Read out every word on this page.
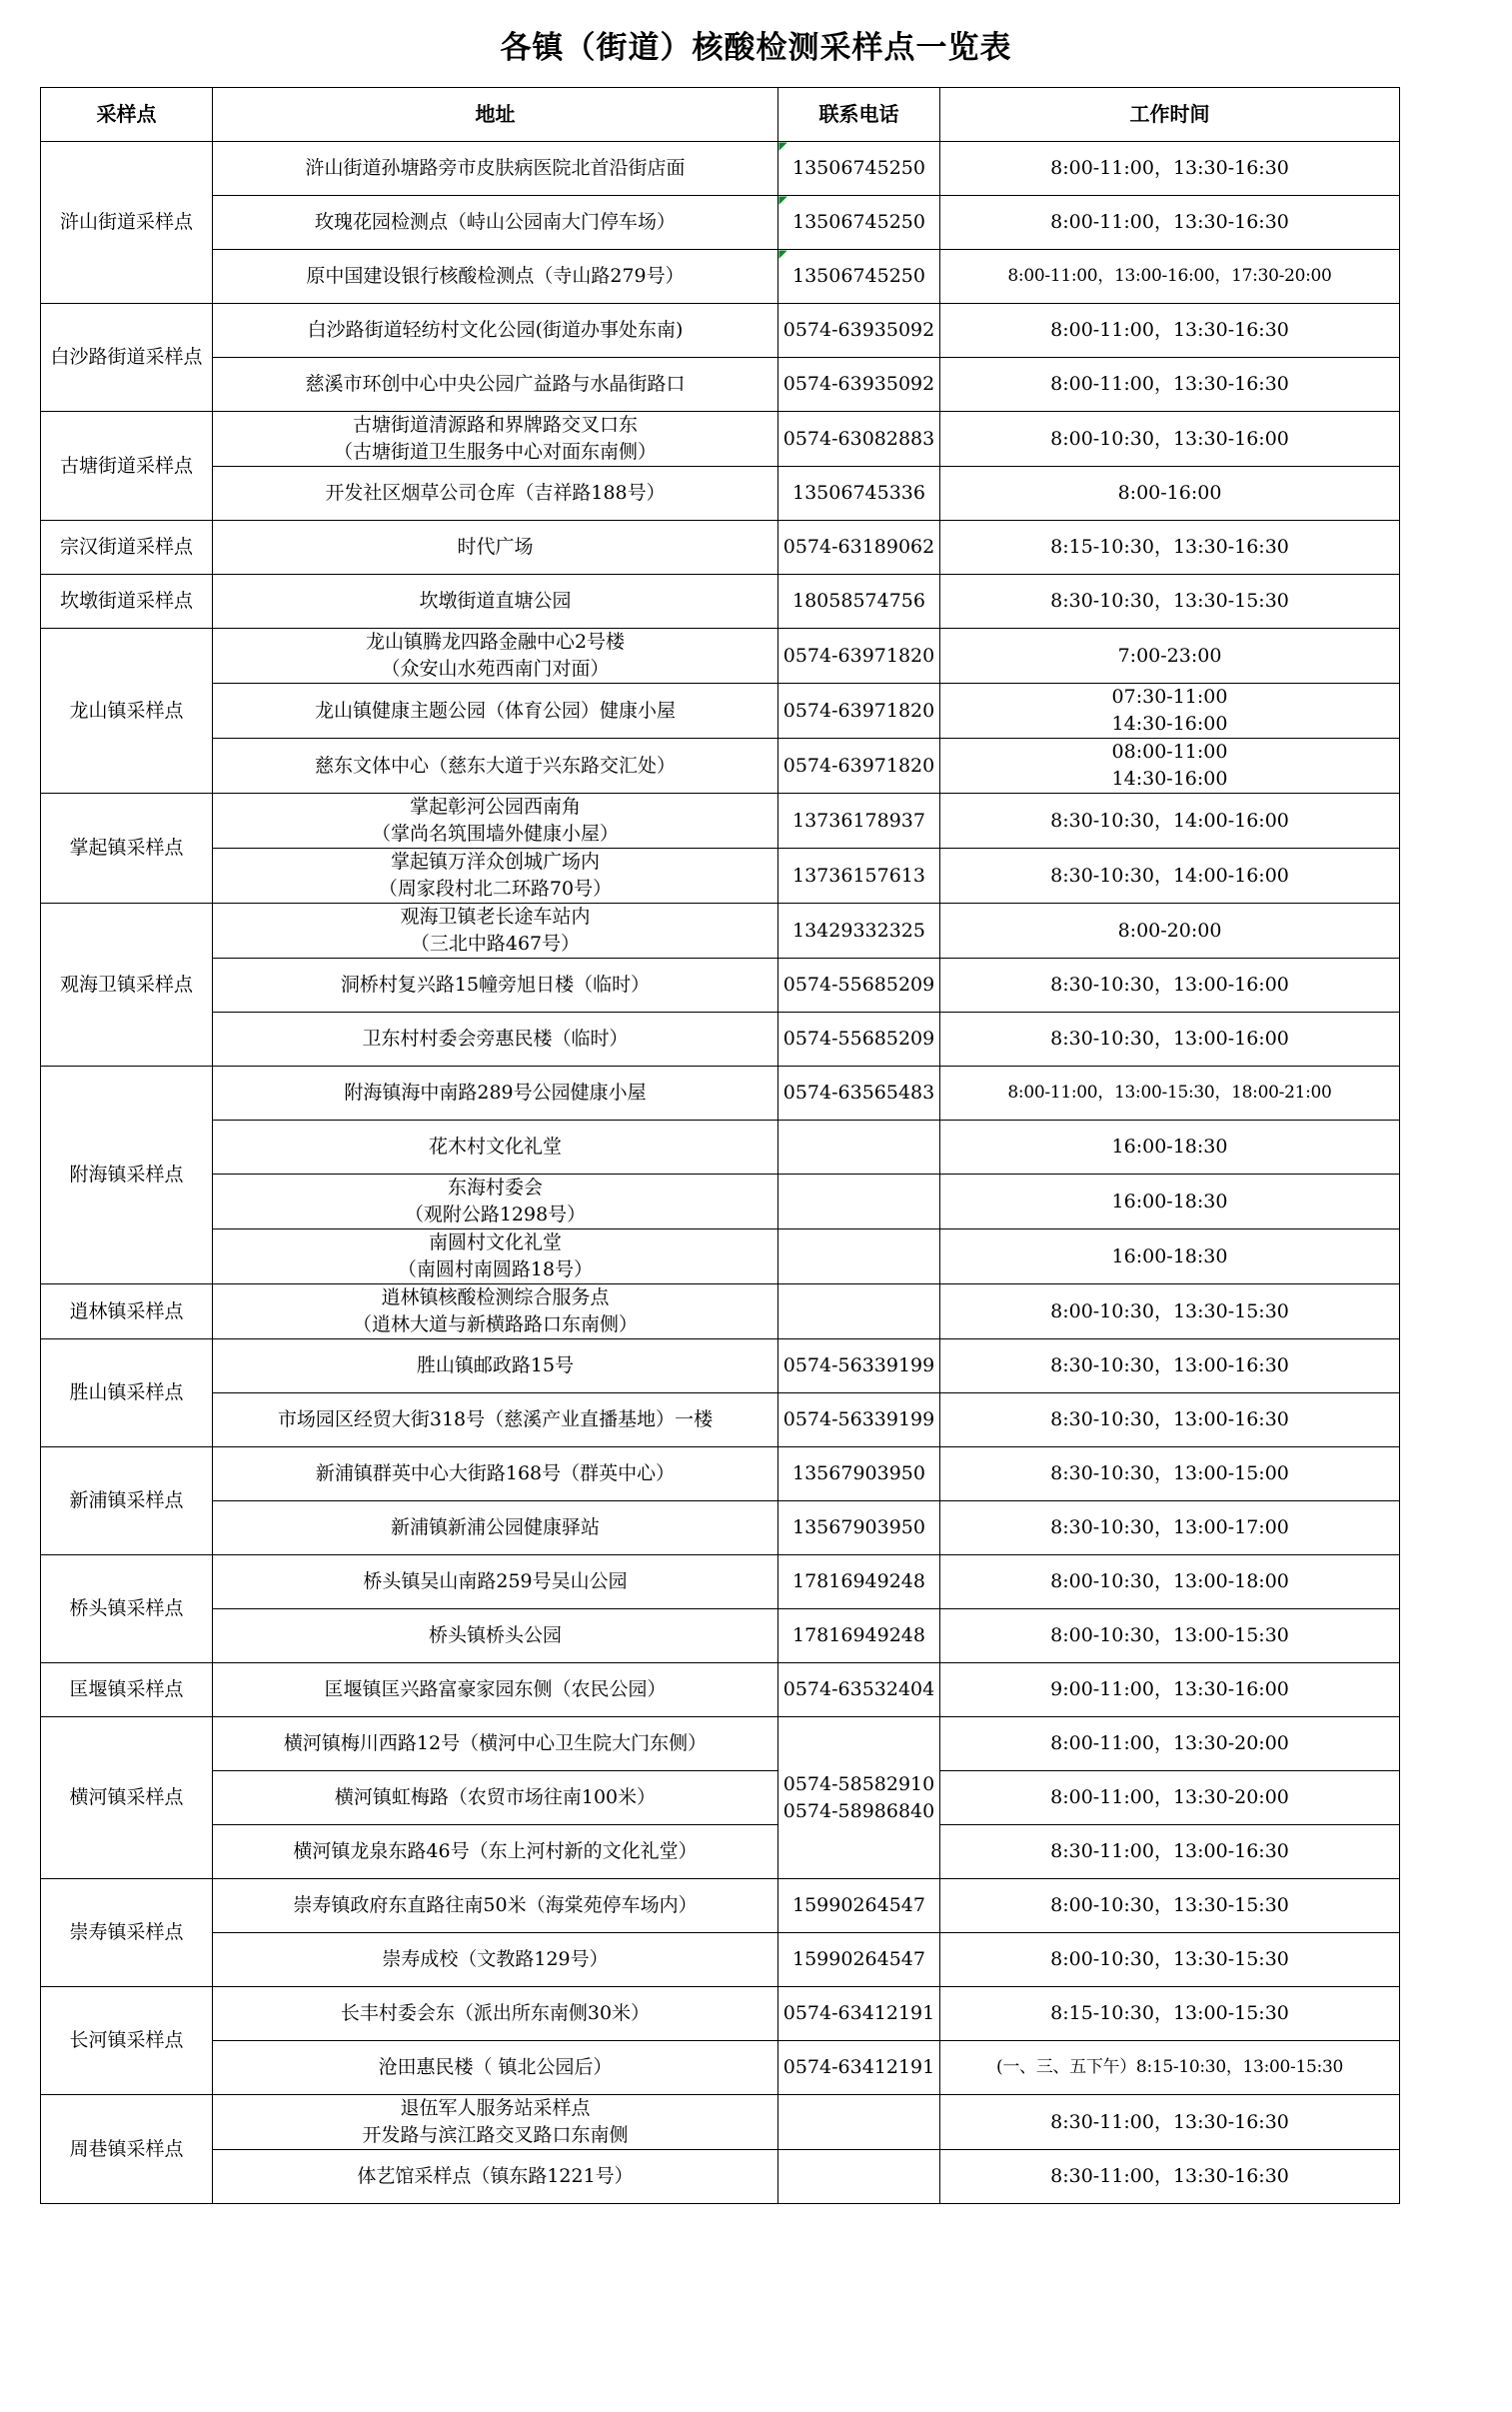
各镇（街道）核酸检测采样点一览表
采样点	地址	联系电话	工作时间
浒山街道采样点	浒山街道孙塘路旁市皮肤病医院北首沿街店面	13506745250	8:00-11:00，13:30-16:30
	玫瑰花园检测点（峙山公园南大门停车场）	13506745250	8:00-11:00，13:30-16:30
	原中国建设银行核酸检测点（寺山路279号）	13506745250	8:00-11:00，13:00-16:00，17:30-20:00
白沙路街道采样点	白沙路街道轻纺村文化公园(街道办事处东南)	0574-63935092	8:00-11:00，13:30-16:30
	慈溪市环创中心中央公园广益路与水晶街路口	0574-63935092	8:00-11:00，13:30-16:30
古塘街道采样点	古塘街道清源路和界牌路交叉口东
（古塘街道卫生服务中心对面东南侧）	0574-63082883	8:00-10:30，13:30-16:00
	开发社区烟草公司仓库（吉祥路188号）	13506745336	8:00-16:00
宗汉街道采样点	时代广场	0574-63189062	8:15-10:30，13:30-16:30
坎墩街道采样点	坎墩街道直塘公园	18058574756	8:30-10:30，13:30-15:30
龙山镇采样点	龙山镇腾龙四路金融中心2号楼
（众安山水苑西南门对面）	0574-63971820	7:00-23:00
	龙山镇健康主题公园（体育公园）健康小屋	0574-63971820	07:30-11:00
14:30-16:00
	慈东文体中心（慈东大道于兴东路交汇处）	0574-63971820	08:00-11:00
14:30-16:00
掌起镇采样点	掌起彰河公园西南角
（掌尚名筑围墙外健康小屋）	13736178937	8:30-10:30，14:00-16:00
	掌起镇万洋众创城广场内
（周家段村北二环路70号）	13736157613	8:30-10:30，14:00-16:00
观海卫镇采样点	观海卫镇老长途车站内
（三北中路467号）	13429332325	8:00-20:00
	洞桥村复兴路15幢旁旭日楼（临时）	0574-55685209	8:30-10:30，13:00-16:00
	卫东村村委会旁惠民楼（临时）	0574-55685209	8:30-10:30，13:00-16:00
附海镇采样点	附海镇海中南路289号公园健康小屋	0574-63565483	8:00-11:00，13:00-15:30，18:00-21:00
	花木村文化礼堂		16:00-18:30
	东海村委会
（观附公路1298号）		16:00-18:30
	南圆村文化礼堂
（南圆村南圆路18号）		16:00-18:30
逍林镇采样点	逍林镇核酸检测综合服务点
（逍林大道与新横路路口东南侧）		8:00-10:30，13:30-15:30
胜山镇采样点	胜山镇邮政路15号	0574-56339199	8:30-10:30，13:00-16:30
	市场园区经贸大街318号（慈溪产业直播基地）一楼	0574-56339199	8:30-10:30，13:00-16:30
新浦镇采样点	新浦镇群英中心大街路168号（群英中心）	13567903950	8:30-10:30，13:00-15:00
	新浦镇新浦公园健康驿站	13567903950	8:30-10:30，13:00-17:00
桥头镇采样点	桥头镇吴山南路259号吴山公园	17816949248	8:00-10:30，13:00-18:00
	桥头镇桥头公园	17816949248	8:00-10:30，13:00-15:30
匡堰镇采样点	匡堰镇匡兴路富豪家园东侧（农民公园）	0574-63532404	9:00-11:00，13:30-16:00
横河镇采样点	横河镇梅川西路12号（横河中心卫生院大门东侧）	0574-58582910
0574-58986840	8:00-11:00，13:30-20:00
	横河镇虹梅路（农贸市场往南100米）		8:00-11:00，13:30-20:00
	横河镇龙泉东路46号（东上河村新的文化礼堂）		8:30-11:00，13:00-16:30
崇寿镇采样点	崇寿镇政府东直路往南50米（海棠苑停车场内）	15990264547	8:00-10:30，13:30-15:30
	崇寿成校（文教路129号）	15990264547	8:00-10:30，13:30-15:30
长河镇采样点	长丰村委会东（派出所东南侧30米）	0574-63412191	8:15-10:30，13:00-15:30
	沧田惠民楼（ 镇北公园后）	0574-63412191	(一、三、五下午）8:15-10:30，13:00-15:30
周巷镇采样点	退伍军人服务站采样点
开发路与滨江路交叉路口东南侧		8:30-11:00，13:30-16:30
	体艺馆采样点（镇东路1221号）		8:30-11:00，13:30-16:30
